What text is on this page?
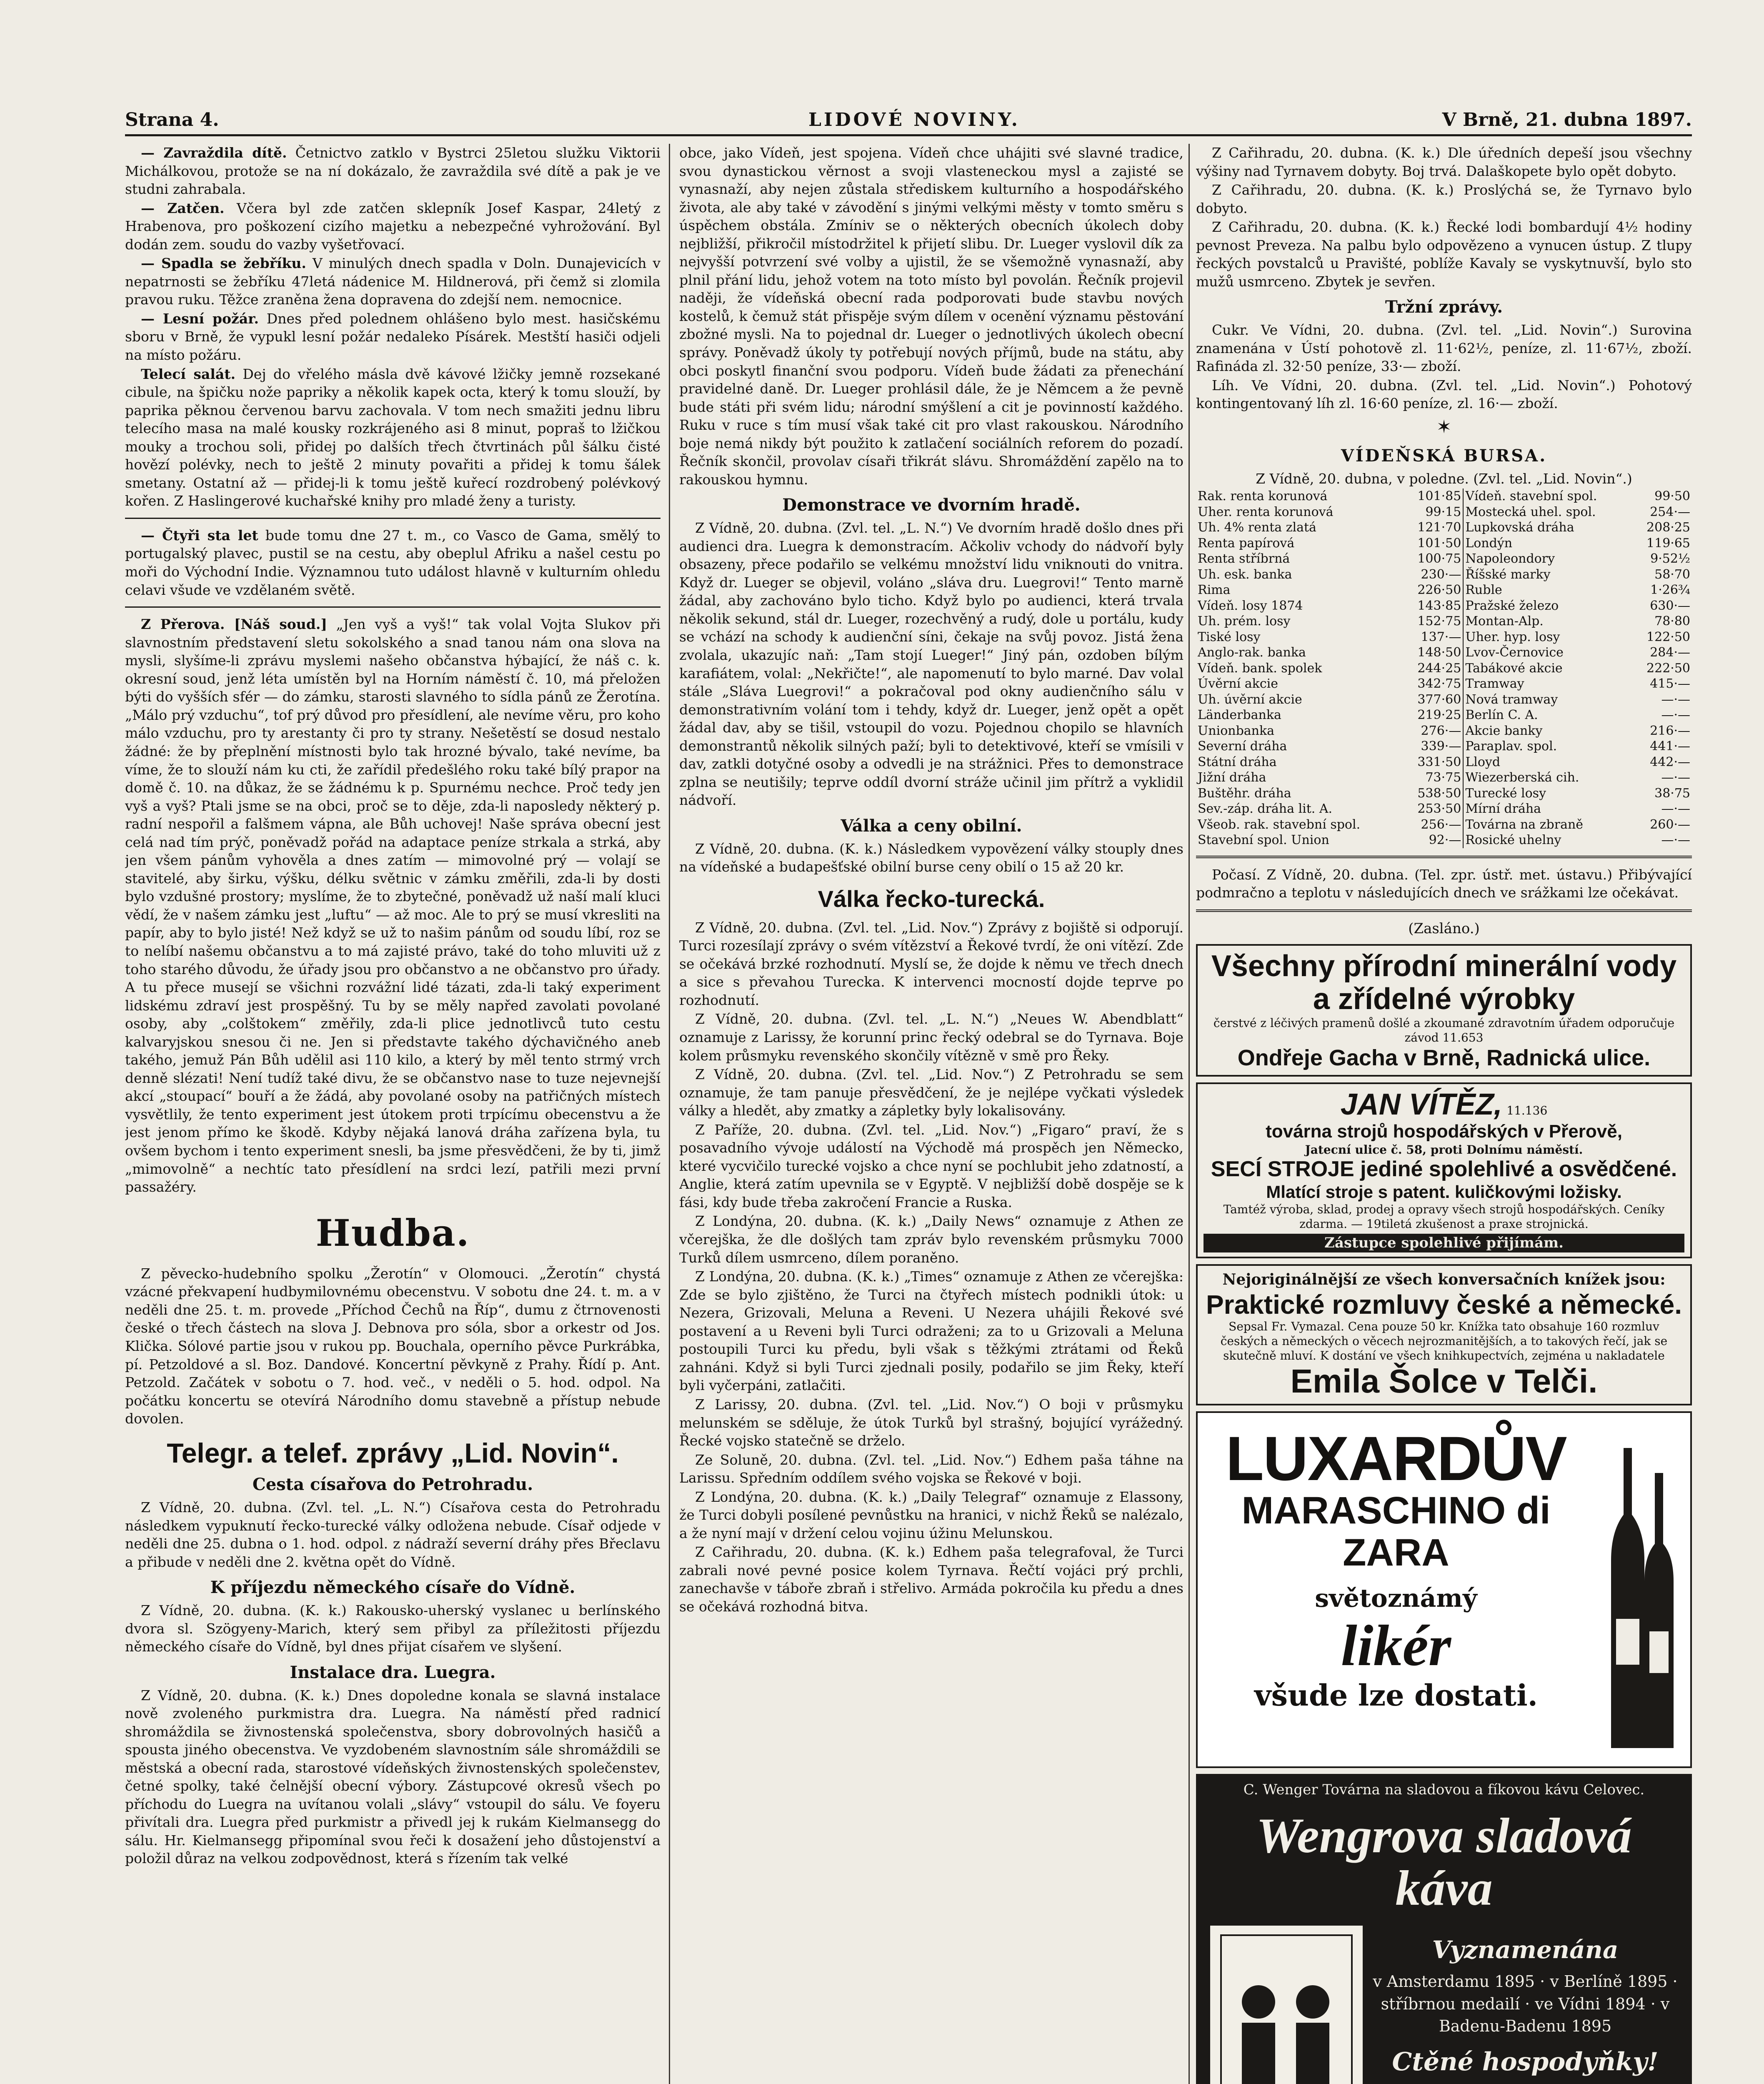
Strana 4.	LIDOVÉ NOVINY.	V Brně, 21. dubna 1897.

— Zavraždila dítě. Četnictvo zatklo v Bystrci 25letou služku Viktorii Michálkovou, protože se na ní dokázalo, že zavraždila své dítě a pak je ve studni zahrabala.

— Zatčen. Včera byl zde zatčen sklepník Josef Kaspar, 24letý z Hrabenova, pro poškození cizího majetku a nebezpečné vyhrožování. Byl dodán zem. soudu do vazby vyšetřovací.

— Spadla se žebříku. V minulých dnech spadla v Doln. Dunajevicích v nepatrnosti se žebříku 47letá nádenice M. Hildnerová, při čemž si zlomila pravou ruku. Těžce zraněna žena dopravena do zdejší nem. nemocnice.

— Lesní požár. Dnes před polednem ohlášeno bylo mest. hasičskému sboru v Brně, že vypukl lesní požár nedaleko Písárek. Mestští hasiči odjeli na místo požáru.

Telecí salát. Dej do vřelého másla dvě kávové lžičky jemně rozsekané cibule, na špičku nože papriky a několik kapek octa, který k tomu slouží, by paprika pěknou červenou barvu zachovala. V tom nech smažiti jednu libru telecího masa na malé kousky rozkrájeného asi 8 minut, popraš to lžičkou mouky a trochou soli, přidej po dalších třech čtvrtinách půl šálku čisté hovězí polévky, nech to ještě 2 minuty povařiti a přidej k tomu šálek smetany. Ostatní až — přidej-li k tomu ještě kuřecí rozdrobený polévkový kořen. Z Haslingerové kuchařské knihy pro mladé ženy a turisty.

— Čtyři sta let bude tomu dne 27 t. m., co Vasco de Gama, smělý to portugalský plavec, pustil se na cestu, aby obeplul Afriku a našel cestu po moři do Východní Indie. Významnou tuto událost hlavně v kulturním ohledu celavi všude ve vzdělaném světě.

Z Přerova. [Náš soud.] „Jen vyš a vyš!“ tak volal Vojta Slukov při slavnostním představení sletu sokolského a snad tanou nám ona slova na mysli, slyšíme-li zprávu myslemi našeho občanstva hýbající, že náš c. k. okresní soud, jenž léta umístěn byl na Horním náměstí č. 10, má přeložen býti do vyšších sfér — do zámku, starosti slavného to sídla pánů ze Žerotína. „Málo prý vzduchu“, tof prý důvod pro přesídlení, ale nevíme věru, pro koho málo vzduchu, pro ty arestanty či pro ty strany. Nešetěstí se dosud nestalo žádné: že by přeplnění místnosti bylo tak hrozné bývalo, také nevíme, ba víme, že to slouží nám ku cti, že zařídil předešlého roku také bílý prapor na domě č. 10. na důkaz, že se žádnému k p. Spurnému nechce. Proč tedy jen vyš a vyš? Ptali jsme se na obci, proč se to děje, zda-li naposledy některý p. radní nespořil a falšmem vápna, ale Bůh uchovej! Naše správa obecní jest celá nad tím prýč, poněvadž pořád na adaptace peníze strkala a strká, aby jen všem pánům vyhověla a dnes zatím — mimovolné prý — volají se stavitelé, aby širku, výšku, délku světnic v zámku změřili, zda-li by dosti bylo vzdušné prostory; myslíme, že to zbytečné, poněvadž už naší malí kluci vědí, že v našem zámku jest „luftu“ — až moc. Ale to prý se musí vkresliti na papír, aby to bylo jisté! Než když se už to našim pánům od soudu líbí, roz se to nelíbí našemu občanstvu a to má zajisté právo, také do toho mluviti už z toho starého důvodu, že úřady jsou pro občanstvo a ne občanstvo pro úřady. A tu přece musejí se všichni rozvážní lidé tázati, zda-li taký experiment lidskému zdraví jest prospěšný. Tu by se měly napřed zavolati povolané osoby, aby „colštokem“ změřily, zda-li plice jednotlivců tuto cestu kalvaryjskou snesou či ne. Jen si představte takého dýchavičného aneb takého, jemuž Pán Bůh udělil asi 110 kilo, a který by měl tento strmý vrch denně slézati! Není tudíž také divu, že se občanstvo nase to tuze nejevnejší akcí „stoupací“ bouří a že žádá, aby povolané osoby na patřičných místech vysvětlily, že tento experiment jest útokem proti trpícímu obecenstvu a že jest jenom přímo ke škodě. Kdyby nějaká lanová dráha zařízena byla, tu ovšem bychom i tento experiment snesli, ba jsme přesvědčeni, že by ti, jimž „mimovolně“ a nechtíc tato přesídlení na srdci lezí, patřili mezi první passažéry.

Hudba.

Z pěvecko-hudebního spolku „Žerotín“ v Olomouci. „Žerotín“ chystá vzácné překvapení hudbymilovnému obecenstvu. V sobotu dne 24. t. m. a v neděli dne 25. t. m. provede „Příchod Čechů na Říp“, dumu z čtrnovenosti české o třech částech na slova J. Debnova pro sóla, sbor a orkestr od Jos. Klička. Sólové partie jsou v rukou pp. Bouchala, operního pěvce Purkrábka, pí. Petzoldové a sl. Boz. Dandové. Koncertní pěvkyně z Prahy. Řídí p. Ant. Petzold. Začátek v sobotu o 7. hod. več., v neděli o 5. hod. odpol. Na počátku koncertu se otevírá Národního domu stavebně a přístup nebude dovolen.

Telegr. a telef. zprávy „Lid. Novin“.
Cesta císařova do Petrohradu.

Z Vídně, 20. dubna. (Zvl. tel. „L. N.“) Císařova cesta do Petrohradu následkem vypuknutí řecko-turecké války odložena nebude. Císař odjede v neděli dne 25. dubna o 1. hod. odpol. z nádraží severní dráhy přes Břeclavu a přibude v neděli dne 2. května opět do Vídně.

K příjezdu německého císaře do Vídně.

Z Vídně, 20. dubna. (K. k.) Rakousko-uherský vyslanec u berlínského dvora sl. Szögyeny-Marich, který sem přibyl za příležitosti příjezdu německého císaře do Vídně, byl dnes přijat císařem ve slyšení.

Instalace dra. Luegra.

Z Vídně, 20. dubna. (K. k.) Dnes dopoledne konala se slavná instalace nově zvoleného purkmistra dra. Luegra. Na náměstí před radnicí shromáždila se živnostenská společenstva, sbory dobrovolných hasičů a spousta jiného obecenstva. Ve vyzdobeném slavnostním sále shromáždili se městská a obecní rada, starostové vídeňských živnostenských společenstev, četné spolky, také čelnější obecní výbory. Zástupcové okresů všech po příchodu do Luegra na uvítanou volali „slávy“ vstoupil do sálu. Ve foyeru přivítali dra. Luegra před purkmistr a přivedl jej k rukám Kielmansegg do sálu. Hr. Kielmansegg připomínal svou řeči k dosažení jeho důstojenství a položil důraz na velkou zodpovědnost, která s řízením tak velké

obce, jako Vídeň, jest spojena. Vídeň chce uhájiti své slavné tradice, svou dynastickou věrnost a svoji vlasteneckou mysl a zajisté se vynasnaží, aby nejen zůstala střediskem kulturního a hospodářského života, ale aby také v závodění s jinými velkými městy v tomto směru s úspěchem obstála. Zmíniv se o některých obecních úkolech doby nejbližší, přikročil místodržitel k přijetí slibu. Dr. Lueger vyslovil dík za nejvyšší potvrzení své volby a ujistil, že se všemožně vynasnaží, aby plnil přání lidu, jehož votem na toto místo byl povolán. Řečník projevil naději, že vídeňská obecní rada podporovati bude stavbu nových kostelů, k čemuž stát přispěje svým dílem v ocenění významu pěstování zbožné mysli. Na to pojednal dr. Lueger o jednotlivých úkolech obecní správy. Poněvadž úkoly ty potřebují nových příjmů, bude na státu, aby obci poskytl finanční svou podporu. Vídeň bude žádati za přenechání pravidelné daně. Dr. Lueger prohlásil dále, že je Němcem a že pevně bude státi při svém lidu; národní smýšlení a cit je povinností každého. Ruku v ruce s tím musí však také cit pro vlast rakouskou. Národního boje nemá nikdy být použito k zatlačení sociálních reforem do pozadí. Řečník skončil, provolav císaři třikrát slávu. Shromáždění zapělo na to rakouskou hymnu.

Demonstrace ve dvorním hradě.

Z Vídně, 20. dubna. (Zvl. tel. „L. N.“) Ve dvorním hradě došlo dnes při audienci dra. Luegra k demonstracím. Ačkoliv vchody do nádvoří byly obsazeny, přece podařilo se velkému množství lidu vniknouti do vnitra. Když dr. Lueger se objevil, voláno „sláva dru. Luegrovi!“ Tento marně žádal, aby zachováno bylo ticho. Když bylo po audienci, která trvala několik sekund, stál dr. Lueger, rozechvěný a rudý, dole u portálu, kudy se vchází na schody k audienční síni, čekaje na svůj povoz. Jistá žena zvolala, ukazujíc naň: „Tam stojí Lueger!“ Jiný pán, ozdoben bílým karafiátem, volal: „Nekřičte!“, ale napomenutí to bylo marné. Dav volal stále „Sláva Luegrovi!“ a pokračoval pod okny audienčního sálu v demonstrativním volání tom i tehdy, když dr. Lueger, jenž opět a opět žádal dav, aby se tišil, vstoupil do vozu. Pojednou chopilo se hlavních demonstrantů několik silných paží; byli to detektivové, kteří se vmísili v dav, zatkli dotyčné osoby a odvedli je na strážnici. Přes to demonstrace zplna se neutišily; teprve oddíl dvorní stráže učinil jim přítrž a vyklidil nádvoří.

Válka a ceny obilní.

Z Vídně, 20. dubna. (K. k.) Následkem vypovězení války stouply dnes na vídeňské a budapešťské obilní burse ceny obilí o 15 až 20 kr.

Válka řecko-turecká.

Z Vídně, 20. dubna. (Zvl. tel. „Lid. Nov.“) Zprávy z bojiště si odporují. Turci rozesílají zprávy o svém vítězství a Řekové tvrdí, že oni vítězí. Zde se očekává brzké rozhodnutí. Myslí se, že dojde k němu ve třech dnech a sice s převahou Turecka. K intervenci mocností dojde teprve po rozhodnutí.

Z Vídně, 20. dubna. (Zvl. tel. „L. N.“) „Neues W. Abendblatt“ oznamuje z Larissy, že korunní princ řecký odebral se do Tyrnava. Boje kolem průsmyku revenského skončily vítězně v smě pro Řeky.

Z Vídně, 20. dubna. (Zvl. tel. „Lid. Nov.“) Z Petrohradu se sem oznamuje, že tam panuje přesvědčení, že je nejlépe vyčkati výsledek války a hledět, aby zmatky a zápletky byly lokalisovány.

Z Paříže, 20. dubna. (Zvl. tel. „Lid. Nov.“) „Figaro“ praví, že s posavadního vývoje událostí na Východě má prospěch jen Německo, které vycvičilo turecké vojsko a chce nyní se pochlubit jeho zdatností, a Anglie, která zatím upevnila se v Egyptě. V nejbližší době dospěje se k fási, kdy bude třeba zakročení Francie a Ruska.

Z Londýna, 20. dubna. (K. k.) „Daily News“ oznamuje z Athen ze včerejška, že dle došlých tam zpráv bylo revenském průsmyku 7000 Turků dílem usmrceno, dílem poraněno.

Z Londýna, 20. dubna. (K. k.) „Times“ oznamuje z Athen ze včerejška: Zde se bylo zjištěno, že Turci na čtyřech místech podnikli útok: u Nezera, Grizovali, Meluna a Reveni. U Nezera uhájili Řekové své postavení a u Reveni byli Turci odraženi; za to u Grizovali a Meluna postoupili Turci ku předu, byli však s těžkými ztrátami od Řeků zahnáni. Když si byli Turci zjednali posily, podařilo se jim Řeky, kteří byli vyčerpáni, zatlačiti.

Z Larissy, 20. dubna. (Zvl. tel. „Lid. Nov.“) O boji v průsmyku melunském se sděluje, že útok Turků byl strašný, bojující vyrážedný. Řecké vojsko statečně se drželo.

Ze Soluně, 20. dubna. (Zvl. tel. „Lid. Nov.“) Edhem paša táhne na Larissu. Spředním oddílem svého vojska se Řekové v boji.

Z Londýna, 20. dubna. (K. k.) „Daily Telegraf“ oznamuje z Elassony, že Turci dobyli posílené pevnůstku na hranici, v nichž Řeků se nalézalo, a že nyní mají v držení celou vojinu úžinu Melunskou.

Z Cařihradu, 20. dubna. (K. k.) Edhem paša telegrafoval, že Turci zabrali nové pevné posice kolem Tyrnava. Řečtí vojáci prý prchli, zanechavše v táboře zbraň i střelivo. Armáda pokročila ku předu a dnes se očekává rozhodná bitva.

Z Cařihradu, 20. dubna. (K. k.) Dle úředních depeší jsou všechny výšiny nad Tyrnavem dobyty. Boj trvá. Dalaškopete bylo opět dobyto.

Z Cařihradu, 20. dubna. (K. k.) Proslýchá se, že Tyrnavo bylo dobyto.

Z Cařihradu, 20. dubna. (K. k.) Řecké lodi bombardují 4½ hodiny pevnost Preveza. Na palbu bylo odpovězeno a vynucen ústup. Z tlupy řeckých povstalců u Pravišté, poblíže Kavaly se vyskytnuvší, bylo sto mužů usmrceno. Zbytek je sevřen.

Tržní zprávy.

Cukr. Ve Vídni, 20. dubna. (Zvl. tel. „Lid. Novin“.) Surovina znamenána v Ústí pohotově zl. 11·62½, peníze, zl. 11·67½, zboží. Rafináda zl. 32·50 peníze, 33·— zboží.

Líh. Ve Vídni, 20. dubna. (Zvl. tel. „Lid. Novin“.) Pohotový kontingentovaný líh zl. 16·60 peníze, zl. 16·— zboží.

✶
VÍDEŇSKÁ BURSA.

Z Vídně, 20. dubna, v poledne. (Zvl. tel. „Lid. Novin“.)

Rak. renta korunová	101·85	Vídeň. stavební spol.	99·50
Uher. renta korunová	99·15	Mostecká uhel. spol.	254·—
Uh. 4% renta zlatá	121·70	Lupkovská dráha	208·25
Renta papírová	101·50	Londýn	119·65
Renta stříbrná	100·75	Napoleondory	9·52½
Uh. esk. banka	230·—	Říšské marky	58·70
Rima	226·50	Ruble	1·26¾
Vídeň. losy 1874	143·85	Pražské železo	630·—
Uh. prém. losy	152·75	Montan-Alp.	78·80
Tiské losy	137·—	Uher. hyp. losy	122·50
Anglo-rak. banka	148·50	Lvov-Černovice	284·—
Vídeň. bank. spolek	244·25	Tabákové akcie	222·50
Úvěrní akcie	342·75	Tramway	415·—
Uh. úvěrní akcie	377·60	Nová tramway	—·—
Länderbanka	219·25	Berlín C. A.	—·—
Unionbanka	276·—	Akcie banky	216·—
Severní dráha	339·—	Paraplav. spol.	441·—
Státní dráha	331·50	Lloyd	442·—
Jižní dráha	73·75	Wiezerberská cih.	—·—
Buštěhr. dráha	538·50	Turecké losy	38·75
Sev.-záp. dráha lit. A.	253·50	Mírní dráha	—·—
Všeob. rak. stavební spol.	256·—	Továrna na zbraně	260·—
Stavební spol. Union	92·—	Rosické uhelny	—·—

Počasí. Z Vídně, 20. dubna. (Tel. zpr. ústř. met. ústavu.) Přibývající podmračno a teplotu v následujících dnech ve srážkami lze očekávat.

(Zasláno.)
Všechny přírodní minerální vody a zřídelné výrobky
čerstvé z léčivých pramenů došlé a zkoumané zdravotním úřadem odporučuje závod 11.653
Ondřeje Gacha v Brně, Radnická ulice.
JAN VÍTĚZ, 11.136
továrna strojů hospodářských v Přerově,
Jatecní ulice č. 58, proti Dolnímu náměstí.
SECÍ STROJE jediné spolehlivé a osvědčené.
Mlatící stroje s patent. kuličkovými ložisky.
Tamtéž výroba, sklad, prodej a opravy všech strojů hospodářských. Ceníky zdarma. — 19tiletá zkušenost a praxe strojnická.
Zástupce spolehlivé přijímám.
Nejoriginálnější ze všech konversačních knížek jsou:
Praktické rozmluvy české a německé.
Sepsal Fr. Vymazal. Cena pouze 50 kr. Knížka tato obsahuje 160 rozmluv českých a německých o věcech nejrozmanitějších, a to takových řečí, jak se skutečně mluví. K dostání ve všech knihkupectvích, zejména u nakladatele
Emila Šolce v Telči.
LUXARDŮV
MARASCHINO di ZARA
světoznámý
likér
všude lze dostati.
C. Wenger Továrna na sladovou a fíkovou kávu Celovec.
Wengrova sladová káva
Vyznamenána
v Amsterdamu 1895 · v Berlíně 1895 · stříbrnou medailí · ve Vídni 1894 · v Badenu-Badenu 1895
Ctěné hospodyňky!
